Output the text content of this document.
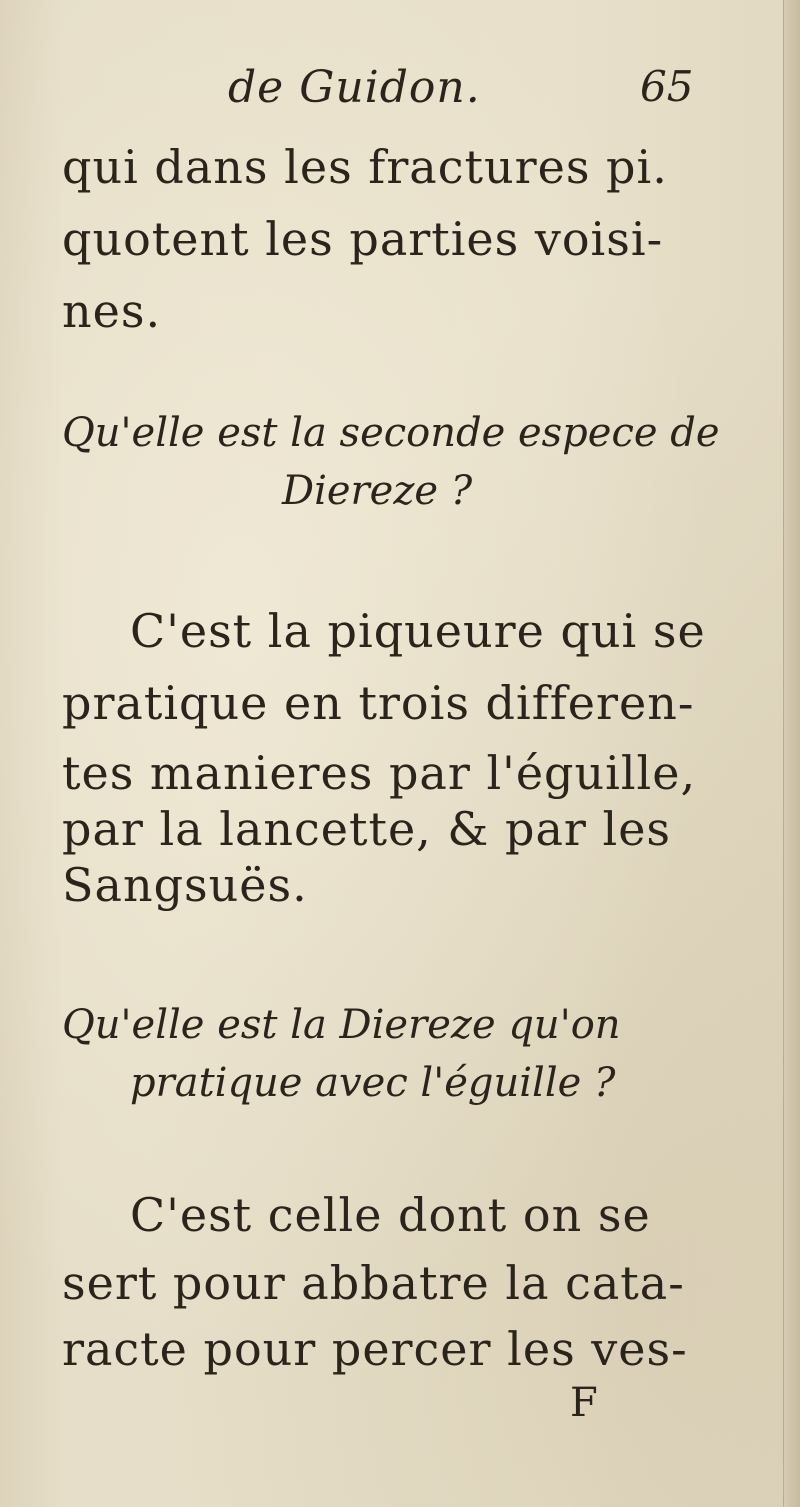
de Guidon.	65
qui dans les fractures pi.
quotent les parties voisi-
nes.
Qu'elle est la seconde espece de
Diereze ?
C'est la piqueure qui se
pratique en trois differen-
tes manieres par l'éguille,
par la lancette, & par les
Sangsuës.
Qu'elle est la Diereze qu'on
pratique avec l'éguille ?
C'est celle dont on se
sert pour abbatre la cata-
racte pour percer les ves-
F
